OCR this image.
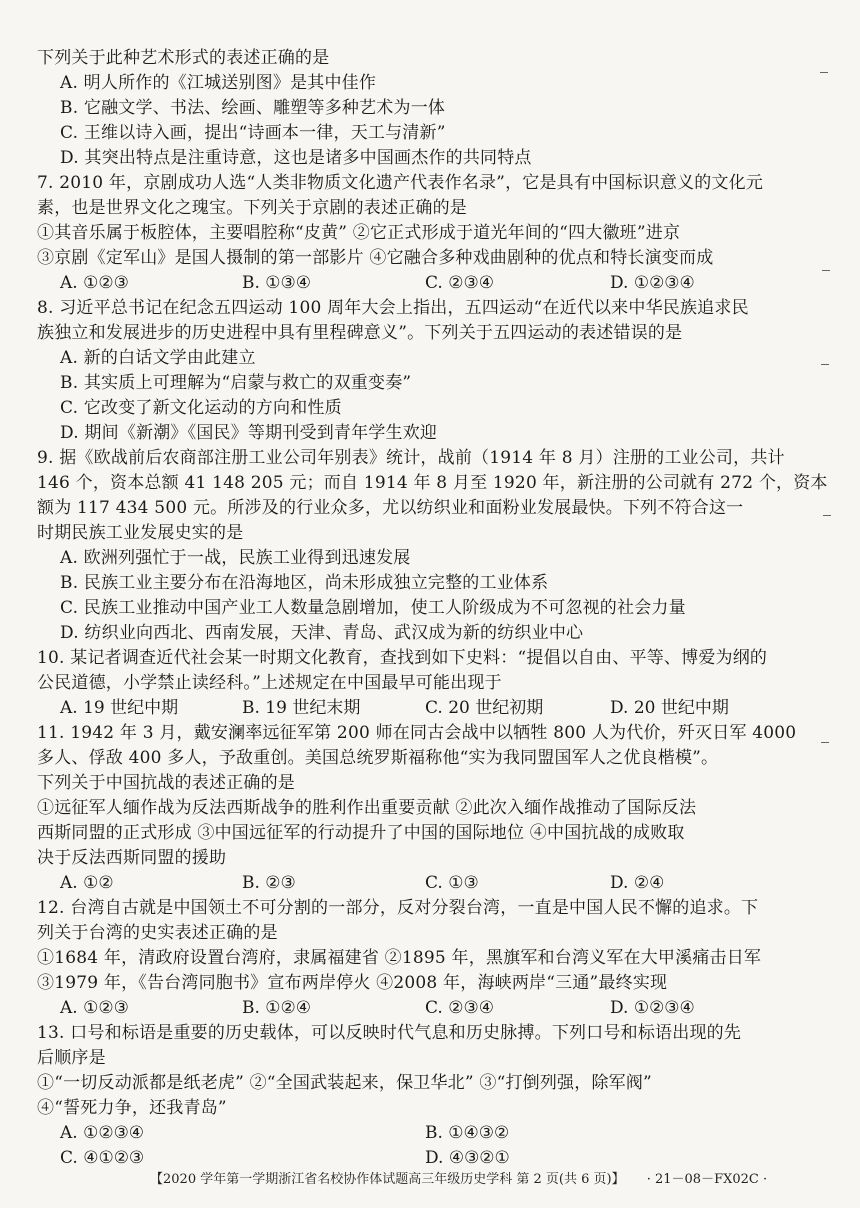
下列关于此种艺术形式的表述正确的是
A. 明人所作的《江城送别图》是其中佳作
B. 它融文学、书法、绘画、雕塑等多种艺术为一体
C. 王维以诗入画，提出“诗画本一律，天工与清新”
D. 其突出特点是注重诗意，这也是诸多中国画杰作的共同特点
7. 2010 年，京剧成功人选“人类非物质文化遗产代表作名录”，它是具有中国标识意义的文化元
素，也是世界文化之瑰宝。下列关于京剧的表述正确的是
①其音乐属于板腔体，主要唱腔称“皮黄” ②它正式形成于道光年间的“四大徽班”进京
③京剧《定军山》是国人摄制的第一部影片 ④它融合多种戏曲剧种的优点和特长演变而成
A. ①②③	B. ①③④	C. ②③④	D. ①②③④
8. 习近平总书记在纪念五四运动 100 周年大会上指出，五四运动“在近代以来中华民族追求民
族独立和发展进步的历史进程中具有里程碑意义”。下列关于五四运动的表述错误的是
A. 新的白话文学由此建立
B. 其实质上可理解为“启蒙与救亡的双重变奏”
C. 它改变了新文化运动的方向和性质
D. 期间《新潮》《国民》等期刊受到青年学生欢迎
9. 据《欧战前后农商部注册工业公司年别表》统计，战前（1914 年 8 月）注册的工业公司，共计
146 个，资本总额 41 148 205 元；而自 1914 年 8 月至 1920 年，新注册的公司就有 272 个，资本
额为 117 434 500 元。所涉及的行业众多，尤以纺织业和面粉业发展最快。下列不符合这一
时期民族工业发展史实的是
A. 欧洲列强忙于一战，民族工业得到迅速发展
B. 民族工业主要分布在沿海地区，尚未形成独立完整的工业体系
C. 民族工业推动中国产业工人数量急剧增加，使工人阶级成为不可忽视的社会力量
D. 纺织业向西北、西南发展，天津、青岛、武汉成为新的纺织业中心
10. 某记者调查近代社会某一时期文化教育，查找到如下史料：“提倡以自由、平等、博爱为纲的
公民道德，小学禁止读经科。”上述规定在中国最早可能出现于
A. 19 世纪中期	B. 19 世纪末期	C. 20 世纪初期	D. 20 世纪中期
11. 1942 年 3 月，戴安澜率远征军第 200 师在同古会战中以牺牲 800 人为代价，歼灭日军 4000
多人、俘敌 400 多人，予敌重创。美国总统罗斯福称他“实为我同盟国军人之优良楷模”。
下列关于中国抗战的表述正确的是
①远征军人缅作战为反法西斯战争的胜利作出重要贡献 ②此次入缅作战推动了国际反法
西斯同盟的正式形成 ③中国远征军的行动提升了中国的国际地位 ④中国抗战的成败取
决于反法西斯同盟的援助
A. ①②	B. ②③	C. ①③	D. ②④
12. 台湾自古就是中国领土不可分割的一部分，反对分裂台湾，一直是中国人民不懈的追求。下
列关于台湾的史实表述正确的是
①1684 年，清政府设置台湾府，隶属福建省 ②1895 年，黑旗军和台湾义军在大甲溪痛击日军
③1979 年，《告台湾同胞书》宣布两岸停火 ④2008 年，海峡两岸“三通”最终实现
A. ①②③	B. ①②④	C. ②③④	D. ①②③④
13. 口号和标语是重要的历史载体，可以反映时代气息和历史脉搏。下列口号和标语出现的先
后顺序是
①“一切反动派都是纸老虎” ②“全国武装起来，保卫华北” ③“打倒列强，除军阀”
④“誓死力争，还我青岛”
A. ①②③④	B. ①④③②
C. ④①②③	D. ④③②①
【2020 学年第一学期浙江省名校协作体试题高三年级历史学科 第 2 页(共 6 页)】 · 21－08－FX02C ·
